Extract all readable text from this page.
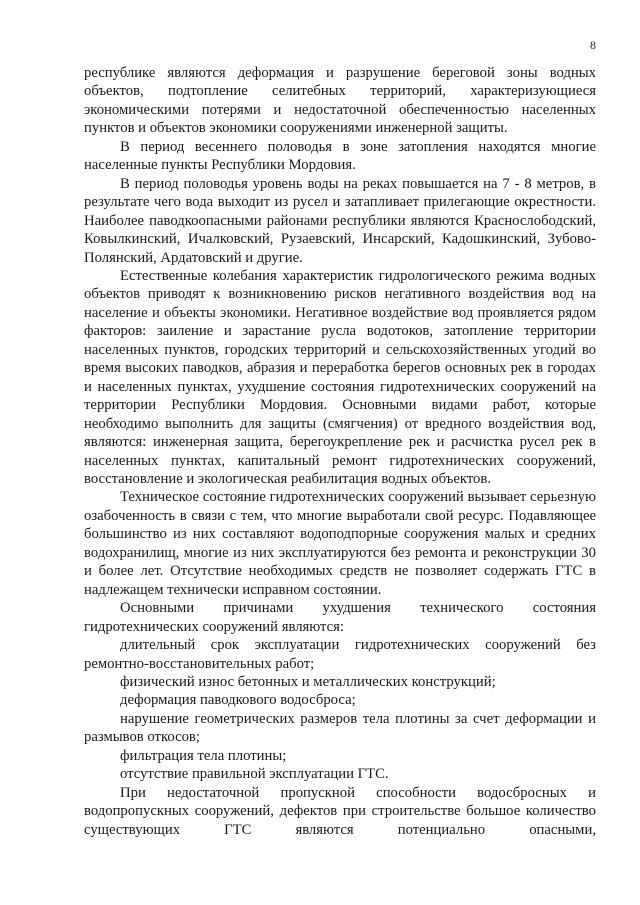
8

республике являются деформация и разрушение береговой зоны водных объектов, подтопление селитебных территорий, характеризующиеся экономическими потерями и недостаточной обеспеченностью населенных пунктов и объектов экономики сооружениями инженерной защиты.

В период весеннего половодья в зоне затопления находятся многие населенные пункты Республики Мордовия.

В период половодья уровень воды на реках повышается на 7 - 8 метров, в результате чего вода выходит из русел и затапливает прилегающие окрестности. Наиболее паводкоопасными районами республики являются Краснослободский, Ковылкинский, Ичалковский, Рузаевский, Инсарский, Кадошкинский, Зубово-Полянский, Ардатовский и другие.

Естественные колебания характеристик гидрологического режима водных объектов приводят к возникновению рисков негативного воздействия вод на население и объекты экономики. Негативное воздействие вод проявляется рядом факторов: заиление и зарастание русла водотоков, затопление территории населенных пунктов, городских территорий и сельскохозяйственных угодий во время высоких паводков, абразия и переработка берегов основных рек в городах и населенных пунктах, ухудшение состояния гидротехнических сооружений на территории Республики Мордовия. Основными видами работ, которые необходимо выполнить для защиты (смягчения) от вредного воздействия вод, являются: инженерная защита, берегоукрепление рек и расчистка русел рек в населенных пунктах, капитальный ремонт гидротехнических сооружений, восстановление и экологическая реабилитация водных объектов.

Техническое состояние гидротехнических сооружений вызывает серьезную озабоченность в связи с тем, что многие выработали свой ресурс. Подавляющее большинство из них составляют водоподпорные сооружения малых и средних водохранилищ, многие из них эксплуатируются без ремонта и реконструкции 30 и более лет. Отсутствие необходимых средств не позволяет содержать ГТС в надлежащем технически исправном состоянии.

Основными причинами ухудшения технического состояния гидротехнических сооружений являются:

длительный срок эксплуатации гидротехнических сооружений без ремонтно-восстановительных работ;

физический износ бетонных и металлических конструкций;

деформация паводкового водосброса;

нарушение геометрических размеров тела плотины за счет деформации и размывов откосов;

фильтрация тела плотины;

отсутствие правильной эксплуатации ГТС.

При недостаточной пропускной способности водосбросных и водопропускных сооружений, дефектов при строительстве большое количество существующих ГТС являются потенциально опасными,
